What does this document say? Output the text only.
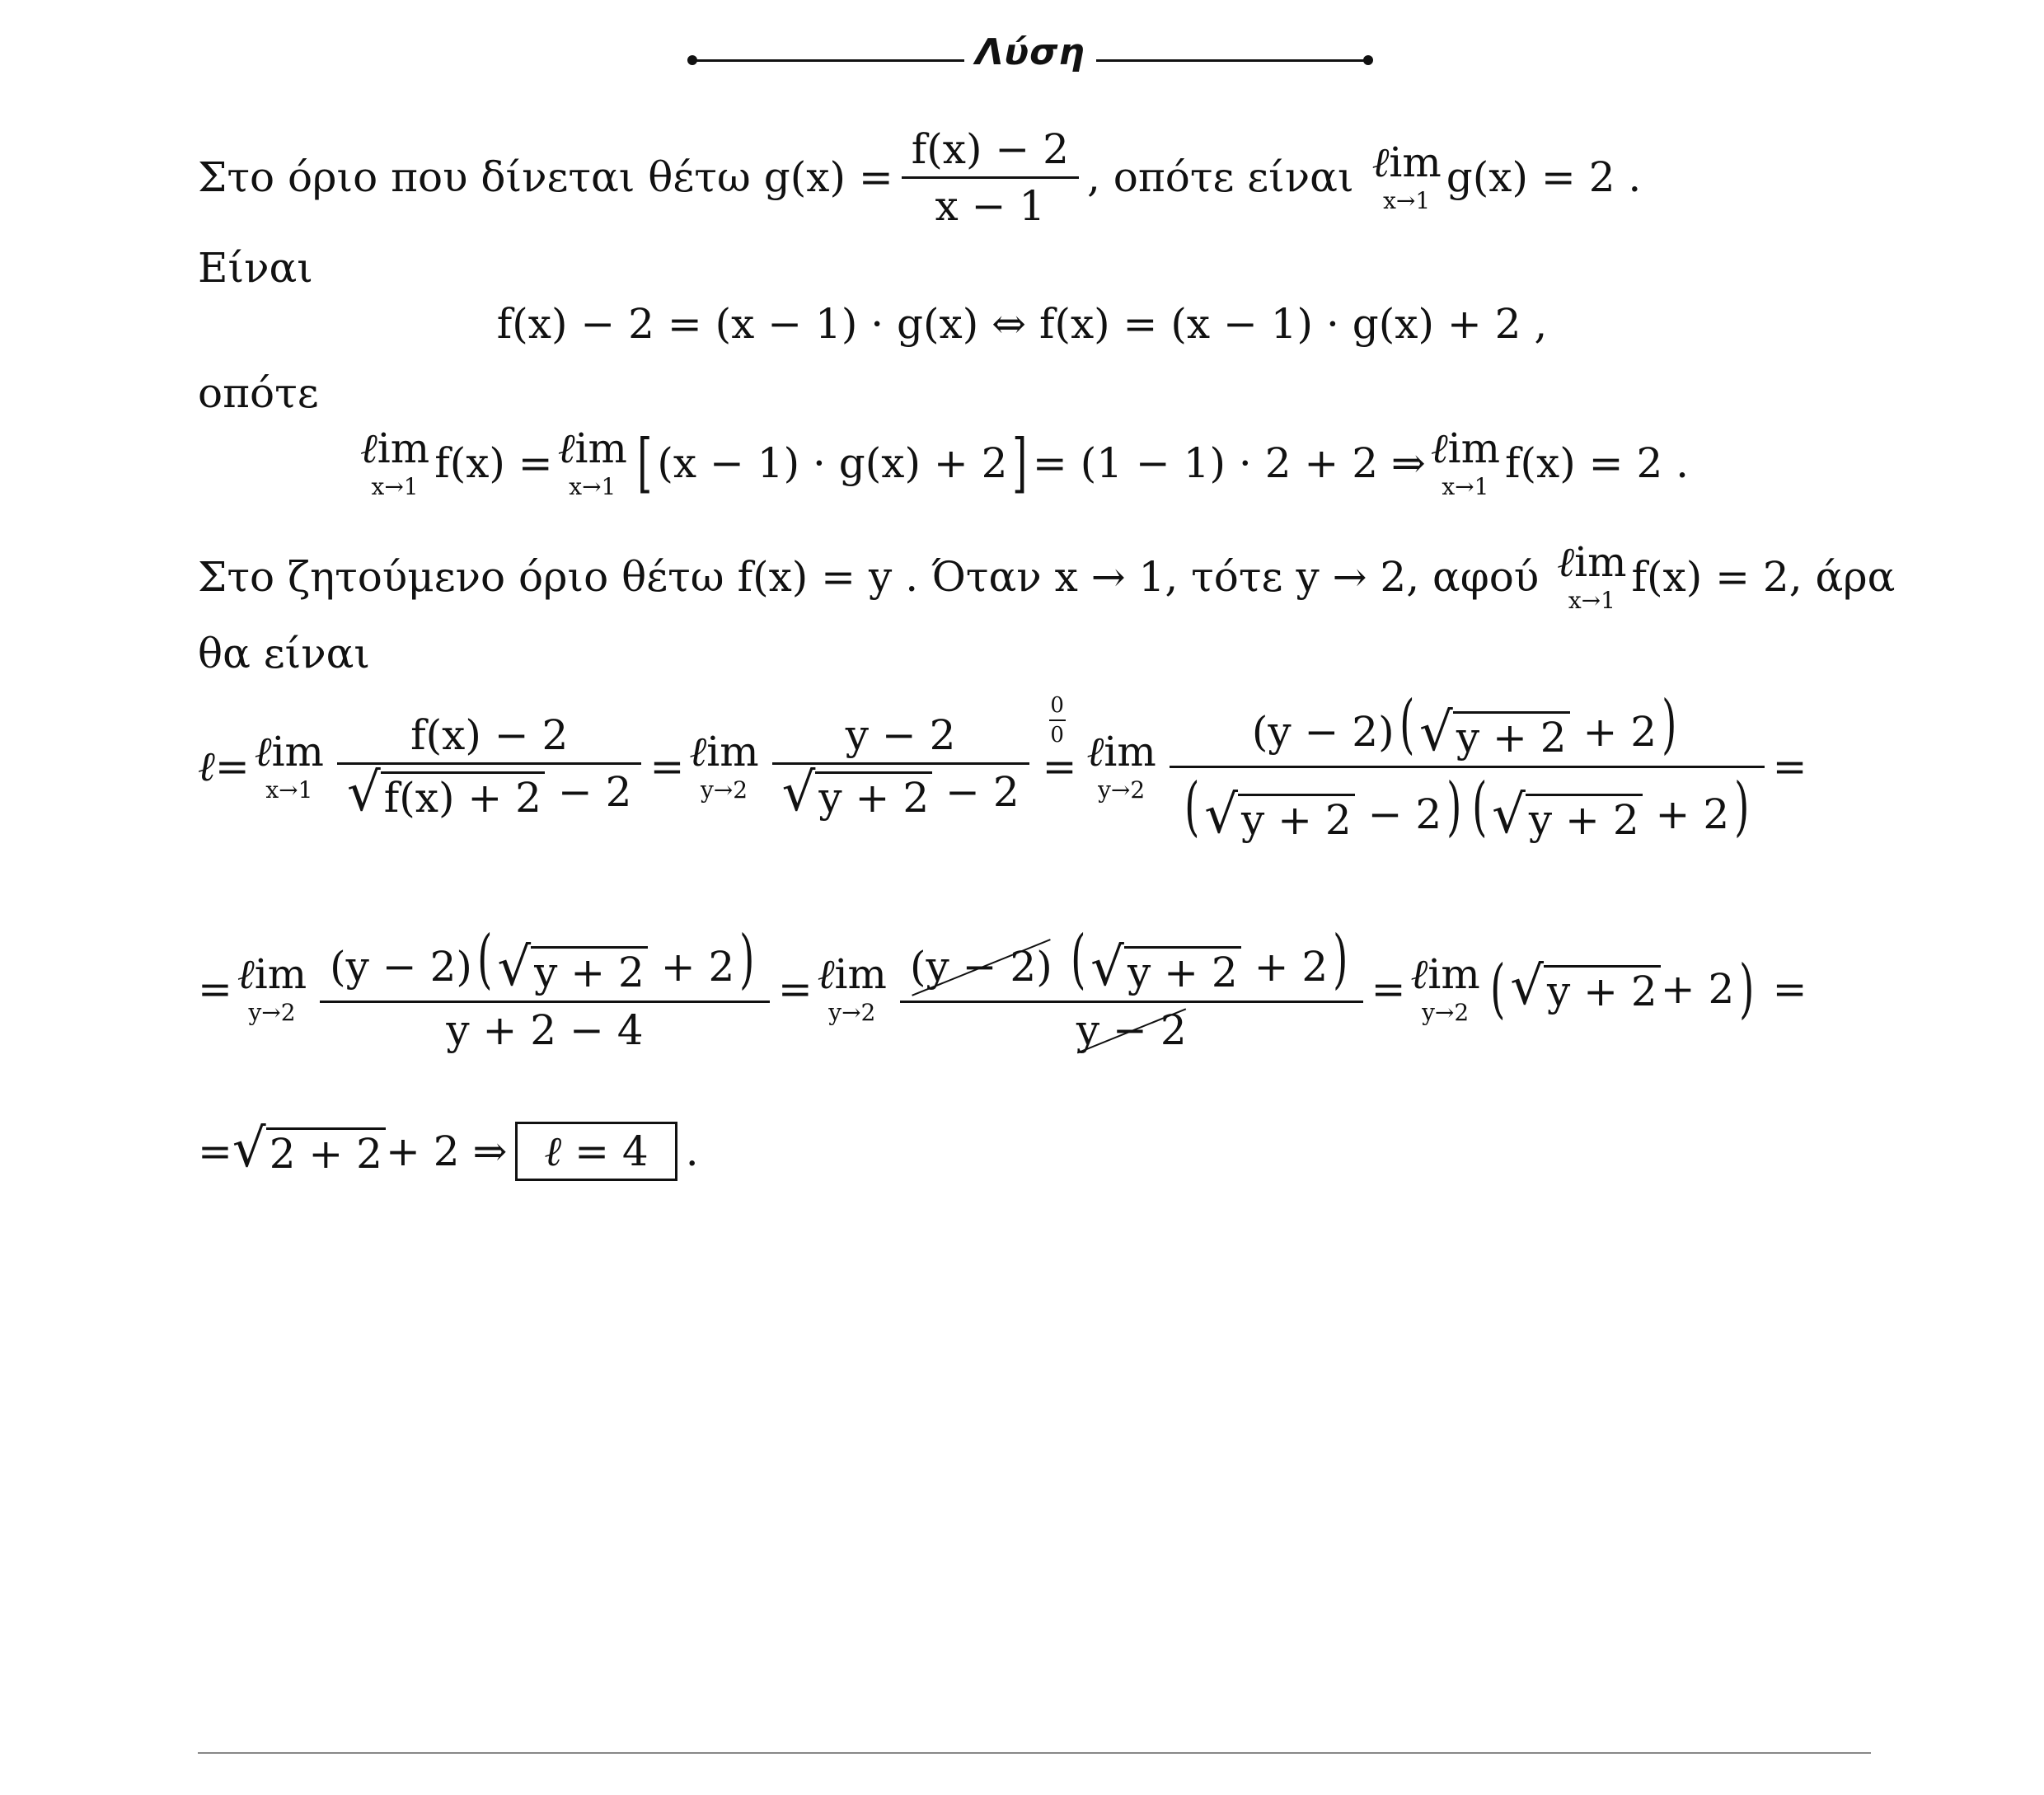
Λύση
Στο όριο που δίνεται θέτω $g(x) = \frac{f(x) - 2}{x - 1}$ , οπότε είναι ℓim
x→1 g(x) = 2 .
Είναι
f(x) − 2 = (x − 1) · g(x) ⇔ f(x) = (x − 1) · g(x) + 2 ,
οπότε
ℓim
x→1 f(x) = ℓim
x→1 [ (x − 1) · g(x) + 2 ] = (1 − 1) · 2 + 2 ⇒ ℓim
x→1 f(x) = 2 .
Στο ζητούμενο όριο θέτω f(x) = y . Όταν x → 1 , τότε y → 2 , αφού ℓim
x→1 f(x) = 2 , άρα
θα είναι
ℓ = ℓim
$x\to 1 \frac{f(x) - 2}{√ f(x) + 2 - 2}$ = ℓim
$y\to 2 \frac{y - 2}{√ y + 2 - 2}$
0
0
= ℓim
$y\to 2 \frac{(y - 2)( √ y + 2 + 2)}{( √ y + 2 - 2) ( √ y + 2 + 2)}$ =
= ℓim
$y\to 2 \frac{(y - 2)( √ y + 2 + 2)}{y + 2 - 4}$ = ℓim
$y\to 2 \frac{(y - 2) ( √ y + 2 + 2)}{y - 2}$ = ℓim
y→2 ( √ y + 2 + 2 ) =
= √ 2 + 2 + 2 ⇒ ℓ = 4 .
